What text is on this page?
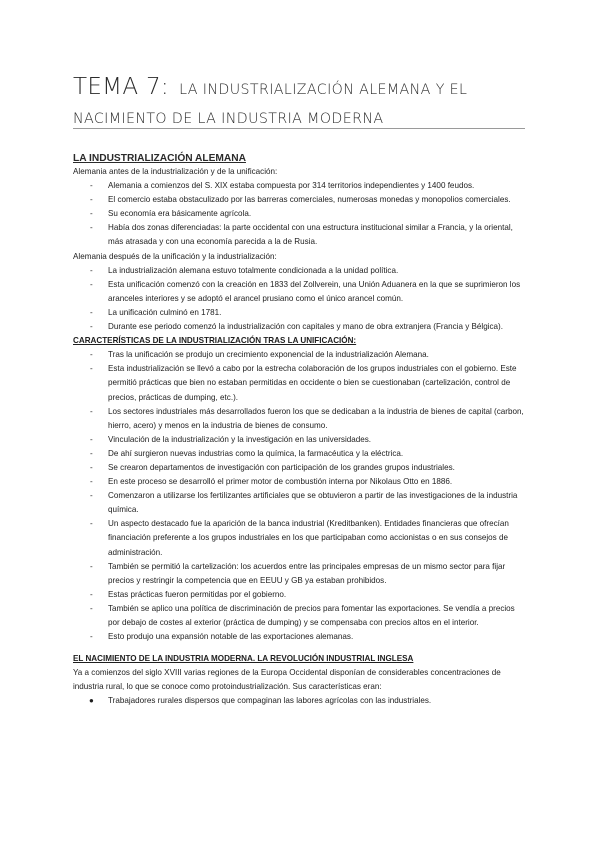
TEMA 7: LA INDUSTRIALIZACIÓN ALEMANA Y EL NACIMIENTO DE LA INDUSTRIA MODERNA
LA INDUSTRIALIZACIÓN ALEMANA

Alemania antes de la industrialización y de la unificación:

- Alemania a comienzos del S. XIX estaba compuesta por 314 territorios independientes y 1400 feudos.
- El comercio estaba obstaculizado por las barreras comerciales, numerosas monedas y monopolios comerciales.
- Su economía era básicamente agrícola.
- Había dos zonas diferenciadas: la parte occidental con una estructura institucional similar a Francia, y la oriental, más atrasada y con una economía parecida a la de Rusia.

Alemania después de la unificación y la industrialización:

- La industrialización alemana estuvo totalmente condicionada a la unidad política.
- Esta unificación comenzó con la creación en 1833 del Zollverein, una Unión Aduanera en la que se suprimieron los aranceles interiores y se adoptó el arancel prusiano como el único arancel común.
- La unificación culminó en 1781.
- Durante ese periodo comenzó la industrialización con capitales y mano de obra extranjera (Francia y Bélgica).
CARACTERÍSTICAS DE LA INDUSTRIALIZACIÓN TRAS LA UNIFICACIÓN:
- Tras la unificación se produjo un crecimiento exponencial de la industrialización Alemana.
- Esta industrialización se llevó a cabo por la estrecha colaboración de los grupos industriales con el gobierno. Este permitió prácticas que bien no estaban permitidas en occidente o bien se cuestionaban (cartelización, control de precios, prácticas de dumping, etc.).
- Los sectores industriales más desarrollados fueron los que se dedicaban a la industria de bienes de capital (carbon, hierro, acero) y menos en la industria de bienes de consumo.
- Vinculación de la industrialización y la investigación en las universidades.
- De ahí surgieron nuevas industrias como la química, la farmacéutica y la eléctrica.
- Se crearon departamentos de investigación con participación de los grandes grupos industriales.
- En este proceso se desarrolló el primer motor de combustión interna por Nikolaus Otto en 1886.
- Comenzaron a utilizarse los fertilizantes artificiales que se obtuvieron a partir de las investigaciones de la industria química.
- Un aspecto destacado fue la aparición de la banca industrial (Kreditbanken). Entidades financieras que ofrecían financiación preferente a los grupos industriales en los que participaban como accionistas o en sus consejos de administración.
- También se permitió la cartelización: los acuerdos entre las principales empresas de un mismo sector para fijar precios y restringir la competencia que en EEUU y GB ya estaban prohibidos.
- Estas prácticas fueron permitidas por el gobierno.
- También se aplico una política de discriminación de precios para fomentar las exportaciones. Se vendía a precios por debajo de costes al exterior (práctica de dumping) y se compensaba con precios altos en el interior.
- Esto produjo una expansión notable de las exportaciones alemanas.
EL NACIMIENTO DE LA INDUSTRIA MODERNA. LA REVOLUCIÓN INDUSTRIAL INGLESA

Ya a comienzos del siglo XVIII varias regiones de la Europa Occidental disponían de considerables concentraciones de industria rural, lo que se conoce como protoindustrialización. Sus características eran:

● Trabajadores rurales dispersos que compaginan las labores agrícolas con las industriales.
